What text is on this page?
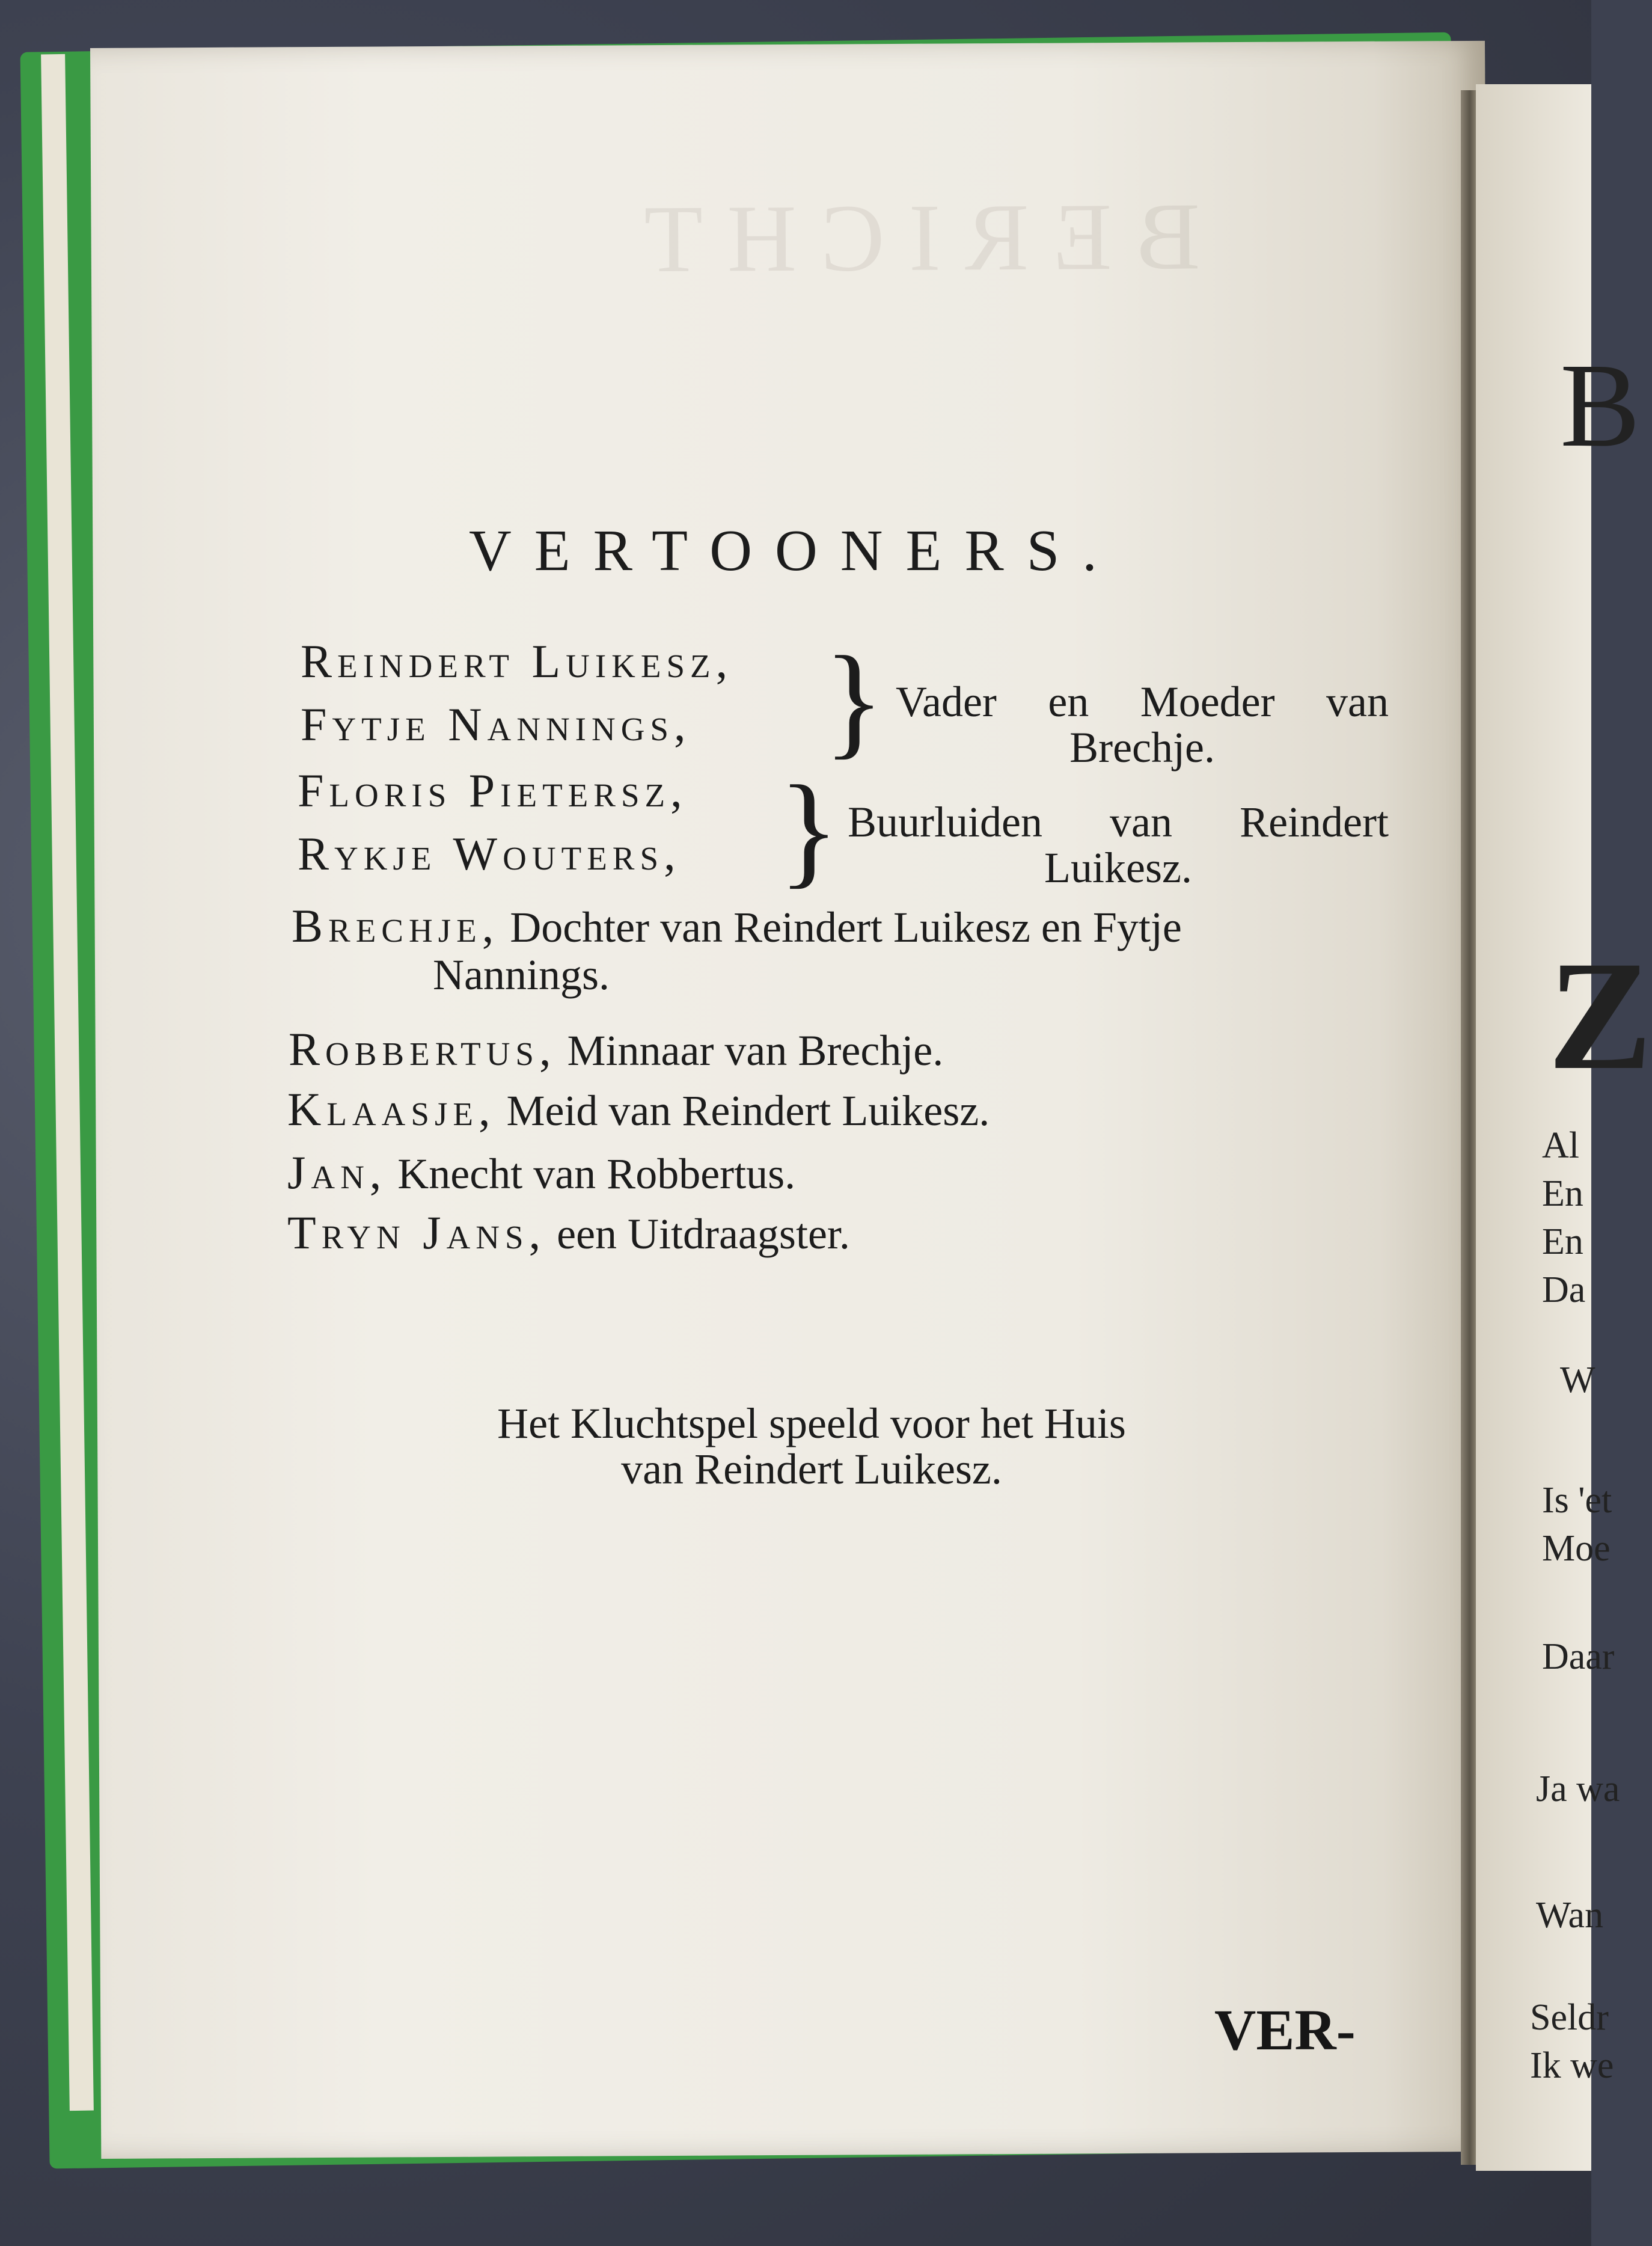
BERICHT
B
Z
Al
En
En
Da
W
Is 'et
Moe
Daar
Ja wa
Wan
Seldr
Ik we
VERTOONERS.
Reindert Luikesz,
Fytje Nannings, } Vader en Moeder van
Brechje.
Floris Pietersz,
Rykje Wouters, } Buurluiden van Reindert
Luikesz.
Brechje, Dochter van Reindert Luikesz en Fytje
Nannings.
Robbertus, Minnaar van Brechje.
Klaasje, Meid van Reindert Luikesz.
Jan, Knecht van Robbertus.
Tryn Jans, een Uitdraagster.
Het Kluchtspel speeld voor het Huis
van Reindert Luikesz.
VER-
